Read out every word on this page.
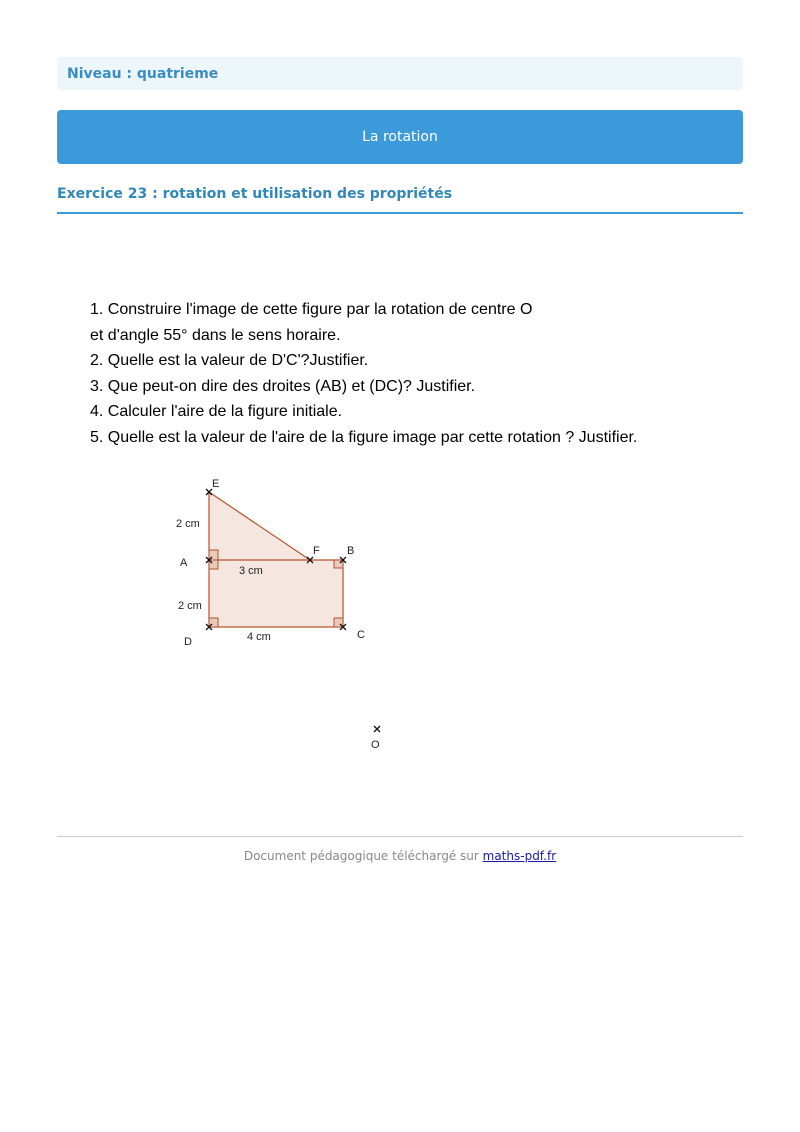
Niveau : quatrieme
La rotation
Exercice 23 : rotation et utilisation des propriétés
1. Construire l'image de cette figure par la rotation de centre O
et d'angle 55° dans le sens horaire.
2. Quelle est la valeur de D'C'?Justifier.
3. Que peut-on dire des droites (AB) et (DC)? Justifier.
4. Calculer l'aire de la figure initiale.
5. Quelle est la valeur de l'aire de la figure image par cette rotation ? Justifier.
E
A
F B
D
C
O
2 cm
3 cm
2 cm
4 cm
Document pédagogique téléchargé sur maths-pdf.fr
